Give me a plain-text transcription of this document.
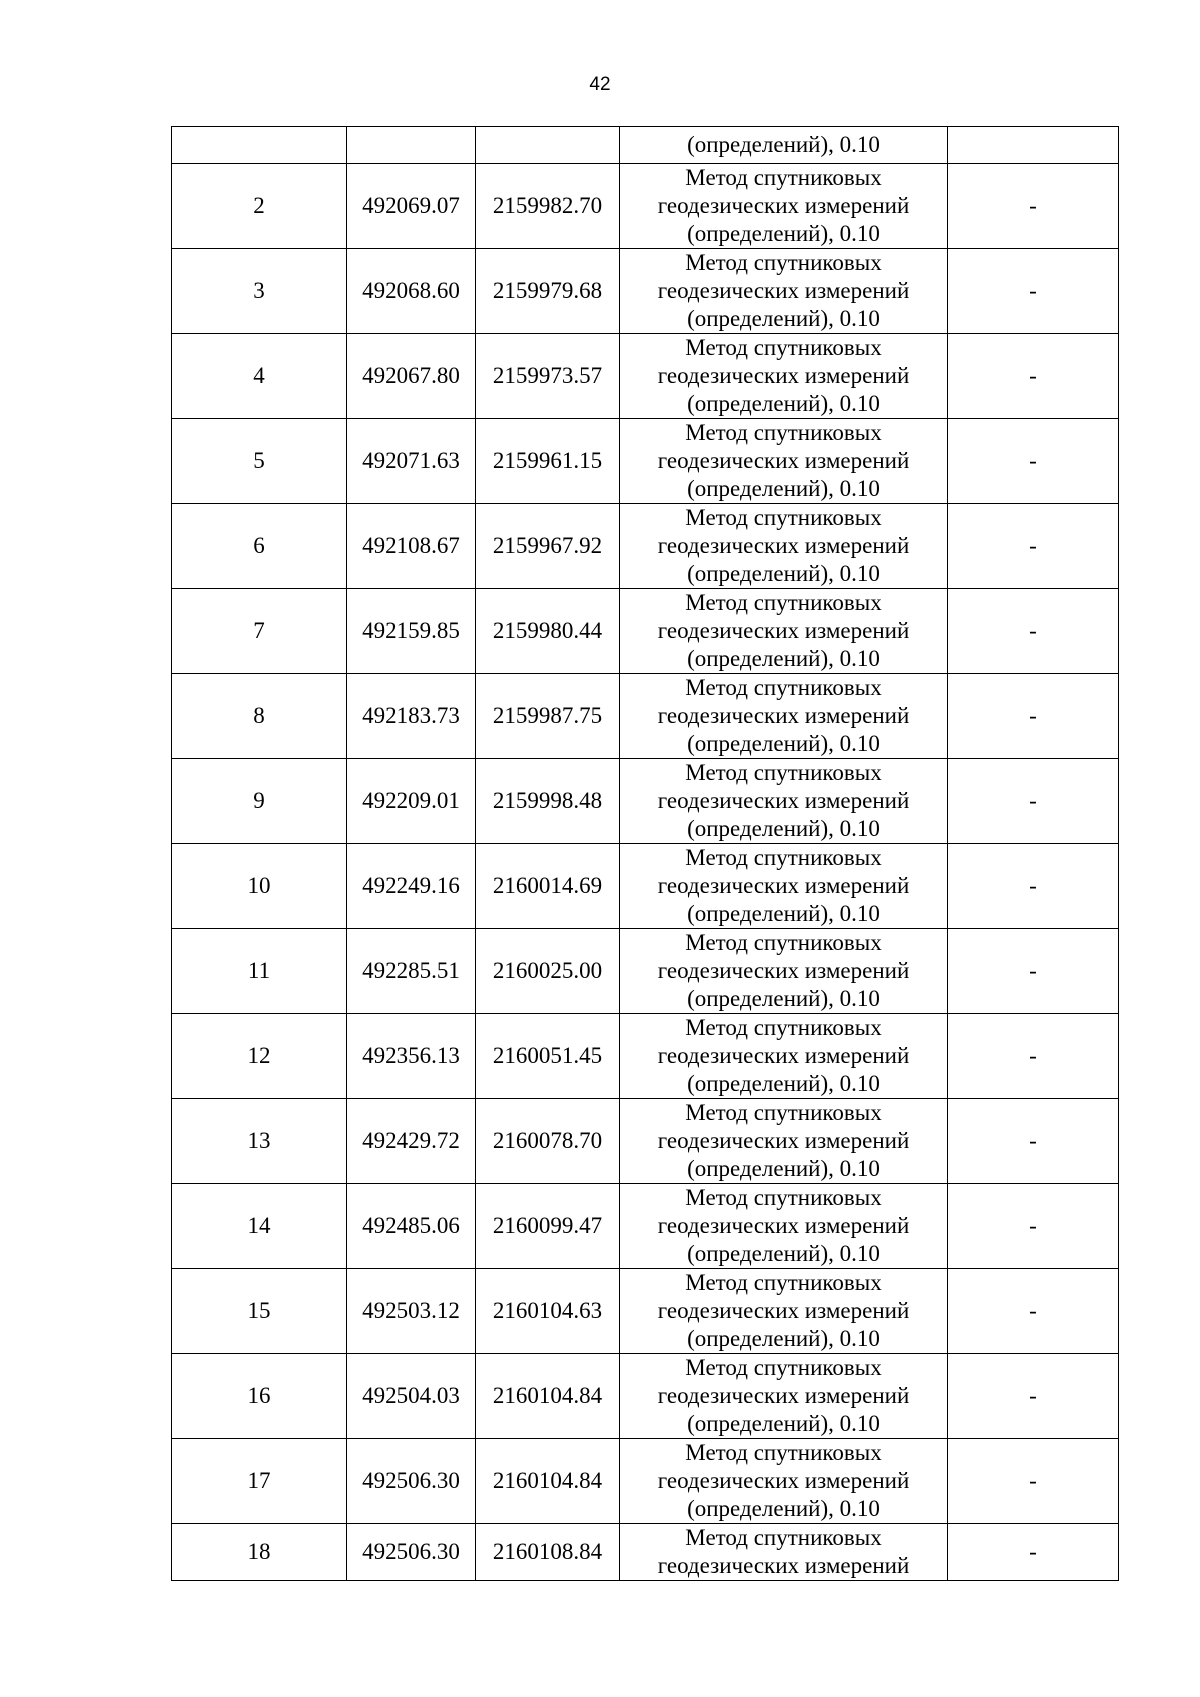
42
			(определений), 0.10	
2	492069.07	2159982.70	Метод спутниковых
геодезических измерений
(определений), 0.10	-
3	492068.60	2159979.68	Метод спутниковых
геодезических измерений
(определений), 0.10	-
4	492067.80	2159973.57	Метод спутниковых
геодезических измерений
(определений), 0.10	-
5	492071.63	2159961.15	Метод спутниковых
геодезических измерений
(определений), 0.10	-
6	492108.67	2159967.92	Метод спутниковых
геодезических измерений
(определений), 0.10	-
7	492159.85	2159980.44	Метод спутниковых
геодезических измерений
(определений), 0.10	-
8	492183.73	2159987.75	Метод спутниковых
геодезических измерений
(определений), 0.10	-
9	492209.01	2159998.48	Метод спутниковых
геодезических измерений
(определений), 0.10	-
10	492249.16	2160014.69	Метод спутниковых
геодезических измерений
(определений), 0.10	-
11	492285.51	2160025.00	Метод спутниковых
геодезических измерений
(определений), 0.10	-
12	492356.13	2160051.45	Метод спутниковых
геодезических измерений
(определений), 0.10	-
13	492429.72	2160078.70	Метод спутниковых
геодезических измерений
(определений), 0.10	-
14	492485.06	2160099.47	Метод спутниковых
геодезических измерений
(определений), 0.10	-
15	492503.12	2160104.63	Метод спутниковых
геодезических измерений
(определений), 0.10	-
16	492504.03	2160104.84	Метод спутниковых
геодезических измерений
(определений), 0.10	-
17	492506.30	2160104.84	Метод спутниковых
геодезических измерений
(определений), 0.10	-
18	492506.30	2160108.84	Метод спутниковых
геодезических измерений	-
